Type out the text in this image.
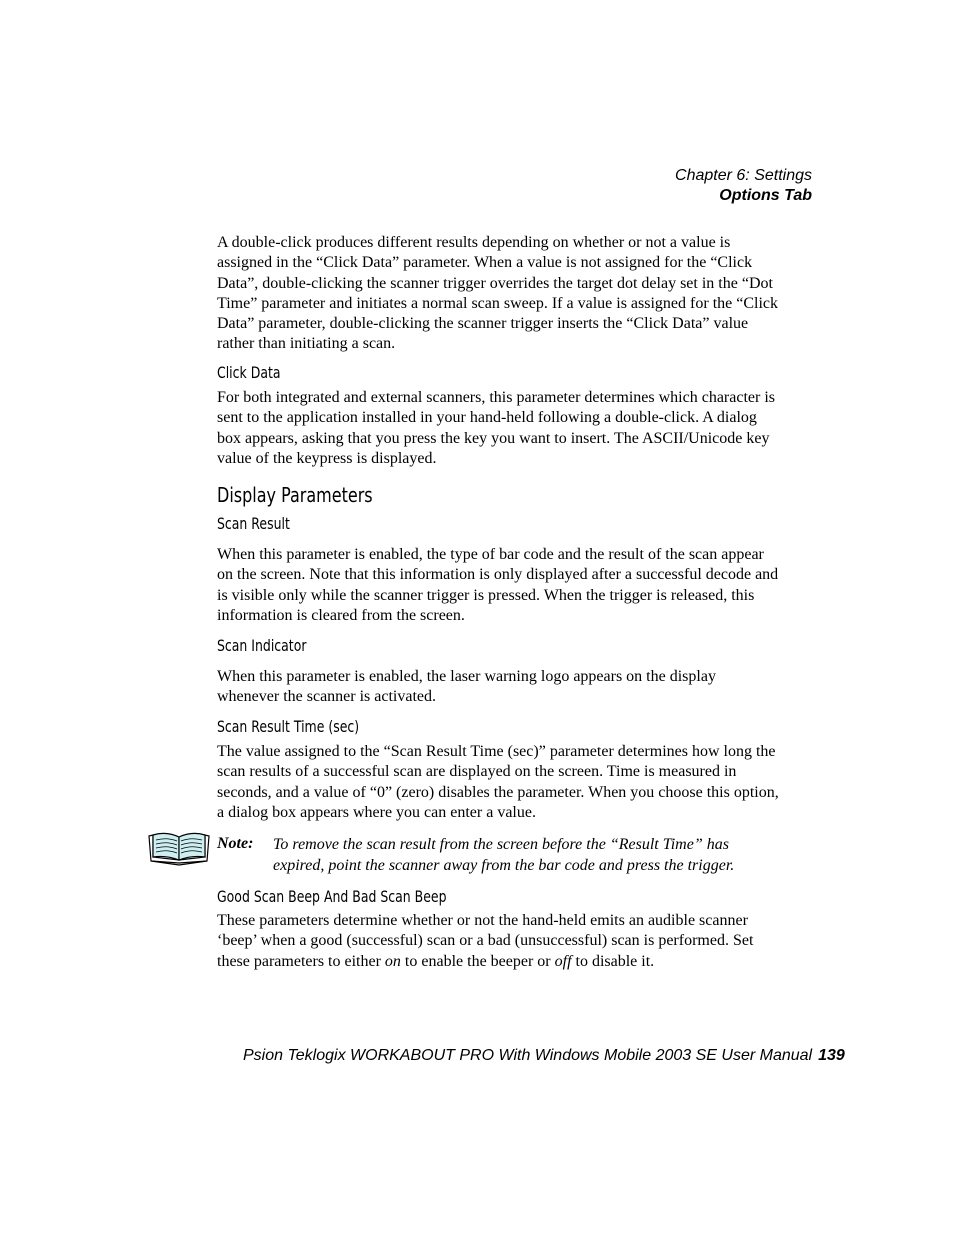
Chapter 6: Settings
Options Tab

A double-click produces different results depending on whether or not a value is assigned in the “Click Data” parameter. When a value is not assigned for the “Click Data”, double-clicking the scanner trigger overrides the target dot delay set in the “Dot Time” parameter and initiates a normal scan sweep. If a value is assigned for the “Click Data” parameter, double-clicking the scanner trigger inserts the “Click Data” value rather than initiating a scan.

Click Data

For both integrated and external scanners, this parameter determines which character is sent to the application installed in your hand-held following a double-click. A dialog box appears, asking that you press the key you want to insert. The ASCII/Unicode key value of the keypress is displayed.

Display Parameters
Scan Result

When this parameter is enabled, the type of bar code and the result of the scan appear on the screen. Note that this information is only displayed after a successful decode and is visible only while the scanner trigger is pressed. When the trigger is released, this information is cleared from the screen.

Scan Indicator

When this parameter is enabled, the laser warning logo appears on the display whenever the scanner is activated.

Scan Result Time (sec)

The value assigned to the “Scan Result Time (sec)” parameter determines how long the scan results of a successful scan are displayed on the screen. Time is measured in seconds, and a value of “0” (zero) disables the parameter. When you choose this option, a dialog box appears where you can enter a value.

Note: To remove the scan result from the screen before the “Result Time” has expired, point the scanner away from the bar code and press the trigger.

Good Scan Beep And Bad Scan Beep

These parameters determine whether or not the hand-held emits an audible scanner ‘beep’ when a good (successful) scan or a bad (unsuccessful) scan is performed. Set these parameters to either on to enable the beeper or off to disable it.

Psion Teklogix WORKABOUT PRO With Windows Mobile 2003 SE User Manual 139
